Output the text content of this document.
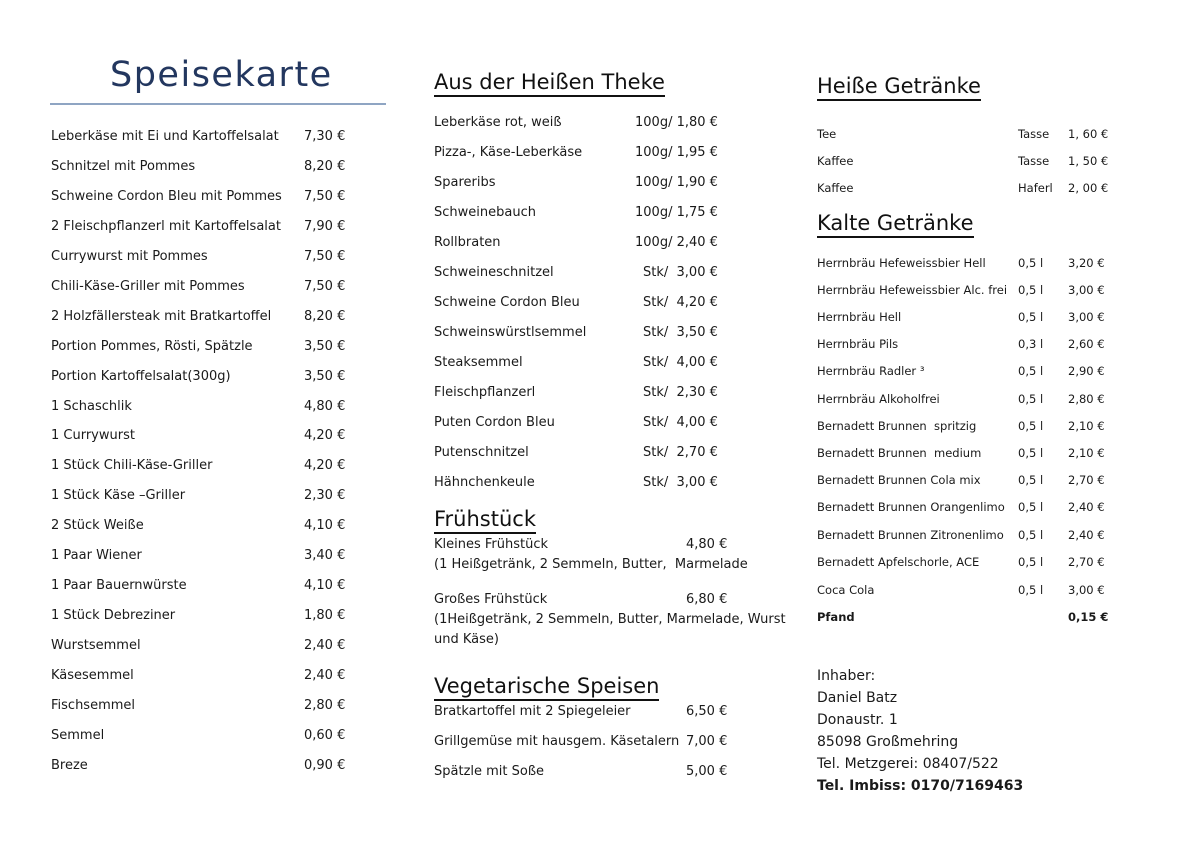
Speisekarte
Leberkäse mit Ei und Kartoffelsalat 7,30 €
Schnitzel mit Pommes	8,20 €
Schweine Cordon Bleu mit Pommes 7,50 €
2 Fleischpflanzerl mit Kartoffelsalat 7,90 €
Currywurst mit Pommes	7,50 €
Chili-Käse-Griller mit Pommes	7,50 €
2 Holzfällersteak mit Bratkartoffel	8,20 €
Portion Pommes, Rösti, Spätzle	3,50 €
Portion Kartoffelsalat(300g)	3,50 €
1 Schaschlik	4,80 €
1 Currywurst	4,20 €
1 Stück Chili-Käse-Griller	4,20 €
1 Stück Käse –Griller	2,30 €
2 Stück Weiße	4,10 €
1 Paar Wiener	3,40 €
1 Paar Bauernwürste	4,10 €
1 Stück Debreziner	1,80 €
Wurstsemmel	2,40 €
Käsesemmel	2,40 €
Fischsemmel	2,80 €
Semmel	0,60 €
Breze	0,90 €
Aus der Heißen Theke
Leberkäse rot, weiß	100g/ 1,80 €
Pizza-, Käse-Leberkäse	100g/ 1,95 €
Spareribs	100g/ 1,90 €
Schweinebauch	100g/ 1,75 €
Rollbraten	100g/ 2,40 €
Schweineschnitzel	Stk/  3,00 €
Schweine Cordon Bleu	Stk/  4,20 €
Schweinswürstlsemmel	Stk/  3,50 €
Steaksemmel	Stk/  4,00 €
Fleischpflanzerl	Stk/  2,30 €
Puten Cordon Bleu	Stk/  4,00 €
Putenschnitzel	Stk/  2,70 €
Hähnchenkeule	Stk/  3,00 €
Frühstück
Kleines Frühstück	4,80 €
(1 Heißgetränk, 2 Semmeln, Butter,  Marmelade
Großes Frühstück	6,80 €
(1Heißgetränk, 2 Semmeln, Butter, Marmelade, Wurst
und Käse)
Vegetarische Speisen
Bratkartoffel mit 2 Spiegeleier	6,50 €
Grillgemüse mit hausgem. Käsetalern 7,00 €
Spätzle mit Soße	5,00 €
Heiße Getränke
Tee	Tasse 1, 60 €
Kaffee	Tasse 1, 50 €
Kaffee	Haferl 2, 00 €
Kalte Getränke
Herrnbräu Hefeweissbier Hell	0,5 l 3,20 €
Herrnbräu Hefeweissbier Alc. frei 0,5 l 3,00 €
Herrnbräu Hell	0,5 l 3,00 €
Herrnbräu Pils	0,3 l 2,60 €
Herrnbräu Radler ³	0,5 l 2,90 €
Herrnbräu Alkoholfrei	0,5 l 2,80 €
Bernadett Brunnen  spritzig	0,5 l 2,10 €
Bernadett Brunnen  medium	0,5 l 2,10 €
Bernadett Brunnen Cola mix	0,5 l 2,70 €
Bernadett Brunnen Orangenlimo 0,5 l 2,40 €
Bernadett Brunnen Zitronenlimo 0,5 l 2,40 €
Bernadett Apfelschorle, ACE	0,5 l 2,70 €
Coca Cola	0,5 l 3,00 €
Pfand	0,15 €
Inhaber:
Daniel Batz
Donaustr. 1
85098 Großmehring
Tel. Metzgerei: 08407/522
Tel. Imbiss: 0170/7169463
